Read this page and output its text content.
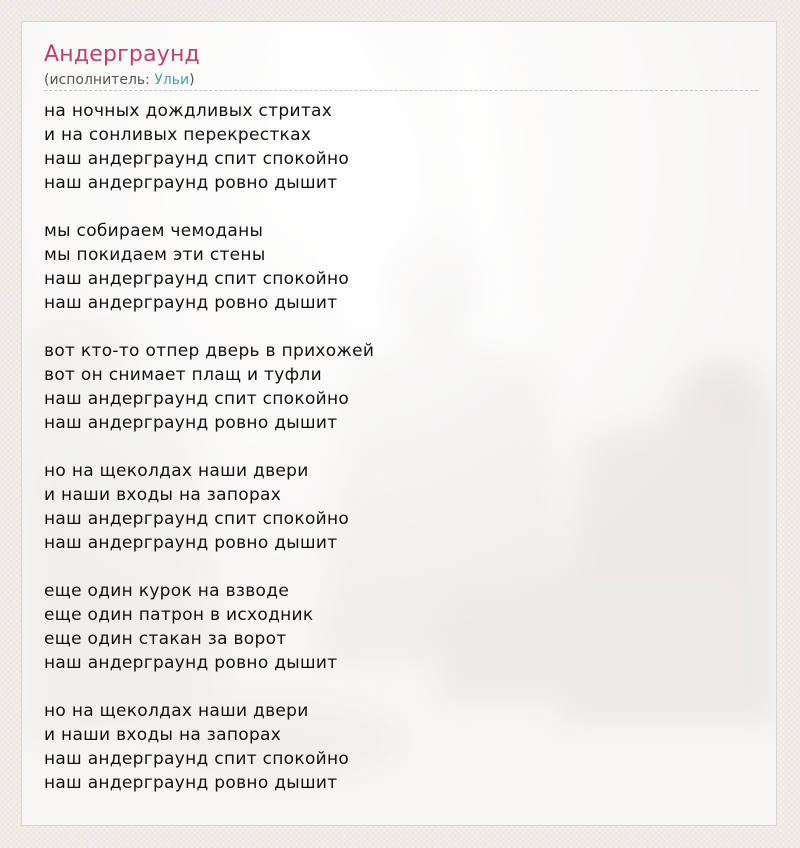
Андерграунд

(исполнитель: Ульи)

на ночных дождливых стритах
и на сонливых перекрестках
наш андерграунд спит спокойно
наш андерграунд ровно дышит
мы собираем чемоданы
мы покидаем эти стены
наш андерграунд спит спокойно
наш андерграунд ровно дышит
вот кто-то отпер дверь в прихожей
вот он снимает плащ и туфли
наш андерграунд спит спокойно
наш андерграунд ровно дышит
но на щеколдах наши двери
и наши входы на запорах
наш андерграунд спит спокойно
наш андерграунд ровно дышит
еще один курок на взводе
еще один патрон в исходник
еще один стакан за ворот
наш андерграунд ровно дышит
но на щеколдах наши двери
и наши входы на запорах
наш андерграунд спит спокойно
наш андерграунд ровно дышит
